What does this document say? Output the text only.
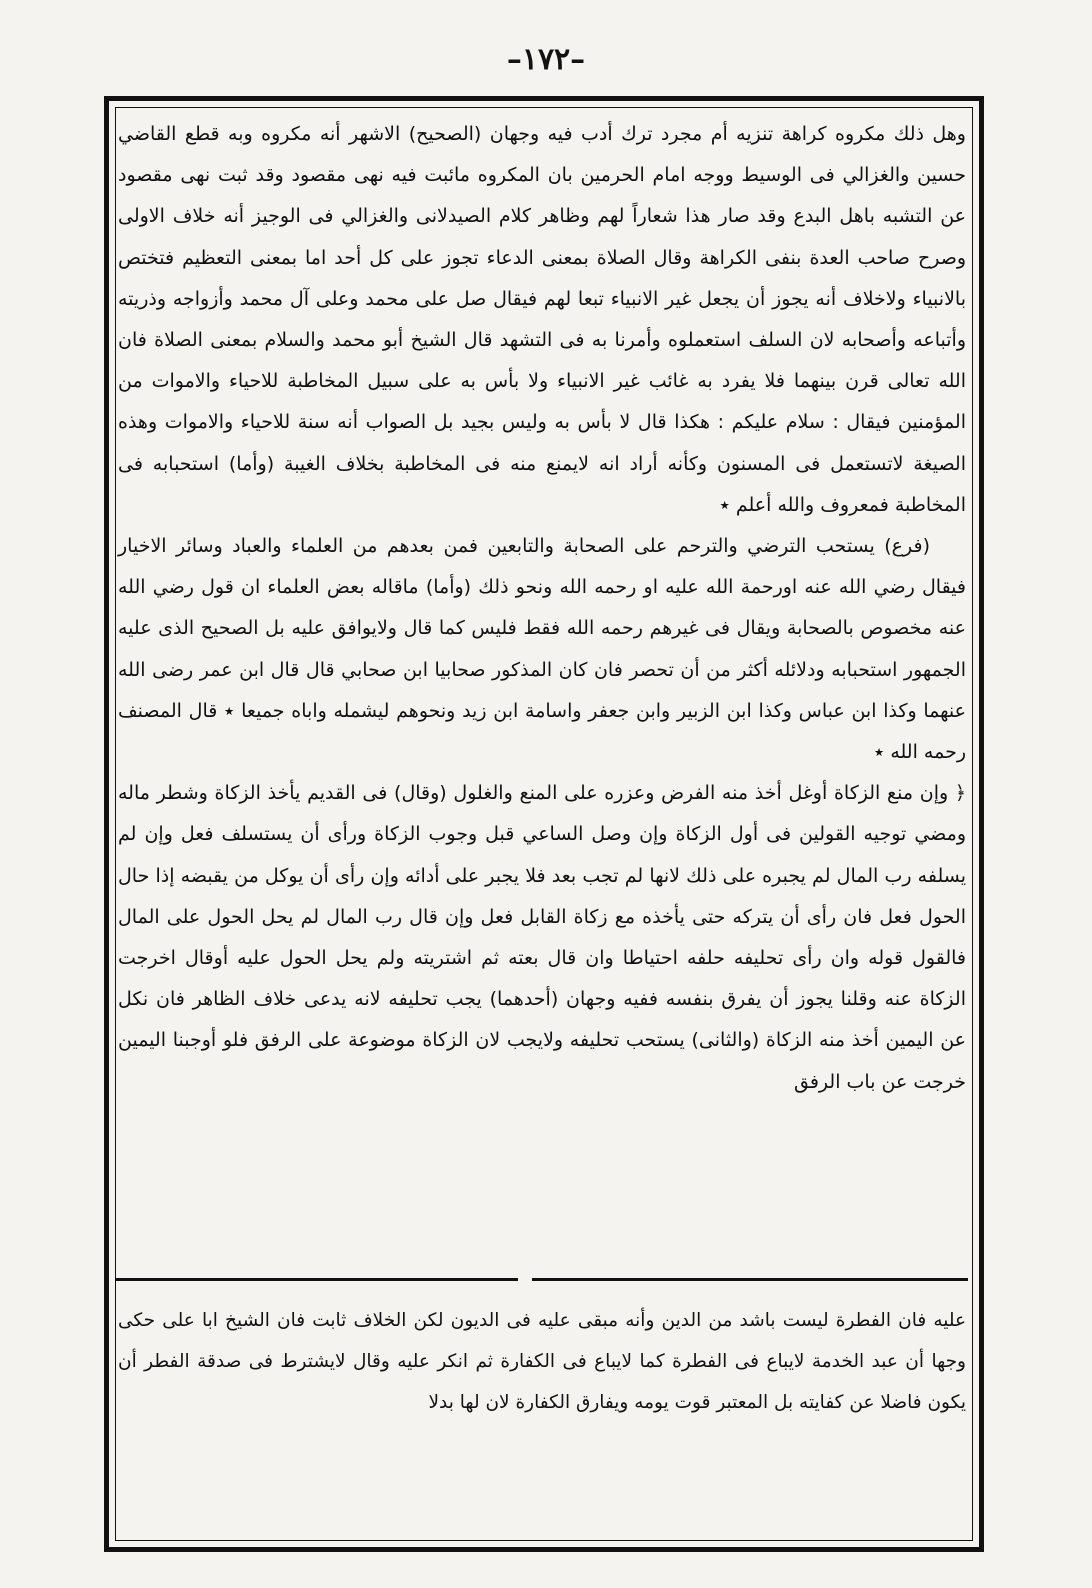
–١٧٢–

وهل ذلك مكروه كراهة تنزيه أم مجرد ترك أدب فيه وجهان (الصحيح) الاشهر أنه مكروه وبه قطع القاضي حسين والغزالي فى الوسيط ووجه امام الحرمين بان المكروه مائبت فيه نهى مقصود وقد ثبت نهى مقصود عن التشبه باهل البدع وقد صار هذا شعاراً لهم وظاهر كلام الصيدلانى والغزالي فى الوجيز أنه خلاف الاولى وصرح صاحب العدة بنفى الكراهة وقال الصلاة بمعنى الدعاء تجوز على كل أحد اما بمعنى التعظيم فتختص بالانبياء ولاخلاف أنه يجوز أن يجعل غير الانبياء تبعا لهم فيقال صل على محمد وعلى آل محمد وأزواجه وذريته وأتباعه وأصحابه لان السلف استعملوه وأمرنا به فى التشهد قال الشيخ أبو محمد والسلام بمعنى الصلاة فان الله تعالى قرن بينهما فلا يفرد به غائب غير الانبياء ولا بأس به على سبيل المخاطبة للاحياء والاموات من المؤمنين فيقال : سلام عليكم : هكذا قال لا بأس به وليس بجيد بل الصواب أنه سنة للاحياء والاموات وهذه الصيغة لاتستعمل فى المسنون وكأنه أراد انه لايمنع منه فى المخاطبة بخلاف الغيبة (وأما) استحبابه فى المخاطبة فمعروف والله أعلم ٭

(فرع) يستحب الترضي والترحم على الصحابة والتابعين فمن بعدهم من العلماء والعباد وسائر الاخيار فيقال رضي الله عنه اورحمة الله عليه او رحمه الله ونحو ذلك (وأما) ماقاله بعض العلماء ان قول رضي الله عنه مخصوص بالصحابة ويقال فى غيرهم رحمه الله فقط فليس كما قال ولايوافق عليه بل الصحيح الذى عليه الجمهور استحبابه ودلائله أكثر من أن تحصر فان كان المذكور صحابيا ابن صحابي قال قال ابن عمر رضى الله عنهما وكذا ابن عباس وكذا ابن الزبير وابن جعفر واسامة ابن زيد ونحوهم ليشمله واباه جميعا ٭ قال المصنف رحمه الله ٭

﴿ وإن منع الزكاة أوغل أخذ منه الفرض وعزره على المنع والغلول (وقال) فى القديم يأخذ الزكاة وشطر ماله ومضي توجيه القولين فى أول الزكاة وإن وصل الساعي قبل وجوب الزكاة ورأى أن يستسلف فعل وإن لم يسلفه رب المال لم يجبره على ذلك لانها لم تجب بعد فلا يجبر على أدائه وإن رأى أن يوكل من يقبضه إذا حال الحول فعل فان رأى أن يتركه حتى يأخذه مع زكاة القابل فعل وإن قال رب المال لم يحل الحول على المال فالقول قوله وان رأى تحليفه حلفه احتياطا وان قال بعته ثم اشتريته ولم يحل الحول عليه أوقال اخرجت الزكاة عنه وقلنا يجوز أن يفرق بنفسه ففيه وجهان (أحدهما) يجب تحليفه لانه يدعى خلاف الظاهر فان نكل عن اليمين أخذ منه الزكاة (والثانى) يستحب تحليفه ولايجب لان الزكاة موضوعة على الرفق فلو أوجبنا اليمين خرجت عن باب الرفق

عليه فان الفطرة ليست باشد من الدين وأنه مبقى عليه فى الديون لكن الخلاف ثابت فان الشيخ ابا على حكى وجها أن عبد الخدمة لايباع فى الفطرة كما لايباع فى الكفارة ثم انكر عليه وقال لايشترط فى صدقة الفطر أن يكون فاضلا عن كفايته بل المعتبر قوت يومه ويفارق الكفارة لان لها بدلا
